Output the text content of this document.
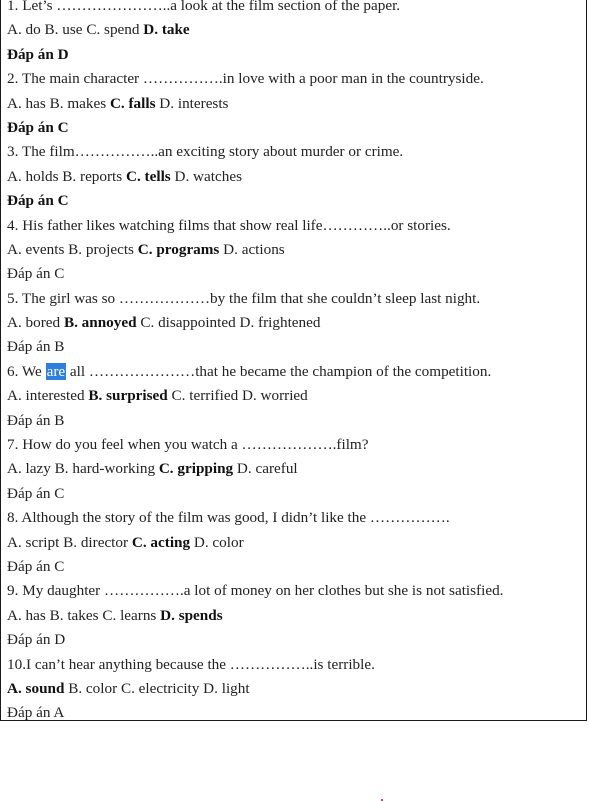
1. Let’s …………………..a look at the film section of the paper.
A. do B. use C. spend D. take
Đáp án D
2. The main character …………….in love with a poor man in the countryside.
A. has B. makes C. falls D. interests
Đáp án C
3. The film……………..an exciting story about murder or crime.
A. holds B. reports C. tells D. watches
Đáp án C
4. His father likes watching films that show real life…………..or stories.
A. events B. projects C. programs D. actions
Đáp án C
5. The girl was so ………………by the film that she couldn’t sleep last night.
A. bored B. annoyed C. disappointed D. frightened
Đáp án B
6. We are all …………………that he became the champion of the competition.
A. interested B. surprised C. terrified D. worried
Đáp án B
7. How do you feel when you watch a ……………….film?
A. lazy B. hard-working C. gripping D. careful
Đáp án C
8. Although the story of the film was good, I didn’t like the …………….
A. script B. director C. acting D. color
Đáp án C
9. My daughter …………….a lot of money on her clothes but she is not satisfied.
A. has B. takes C. learns D. spends
Đáp án D
10.I can’t hear anything because the ……………..is terrible.
A. sound B. color C. electricity D. light
Đáp án A
